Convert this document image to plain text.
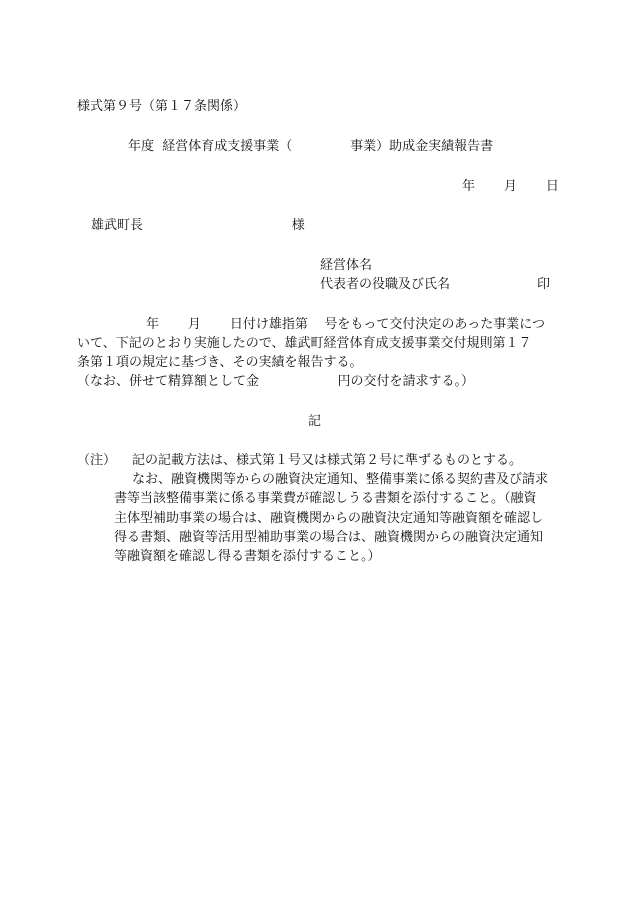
様式第９号（第１７条関係）
年度  経営体育成支援事業（              事業）助成金実績報告書
年       月       日
雄武町長                                    様
経営体名
代表者の役職及び氏名	印
年       月       日付け雄指第    号をもって交付決定のあった事業につ
いて、下記のとおり実施したので、雄武町経営体育成支援事業交付規則第１７
条第１項の規定に基づき、その実績を報告する。
（なお、併せて精算額として金                   円の交付を請求する。）
記
（注） 記の記載方法は、様式第１号又は様式第２号に準ずるものとする。
なお、融資機関等からの融資決定通知、整備事業に係る契約書及び請求
書等当該整備事業に係る事業費が確認しうる書類を添付すること。（融資
主体型補助事業の場合は、融資機関からの融資決定通知等融資額を確認し
得る書類、融資等活用型補助事業の場合は、融資機関からの融資決定通知
等融資額を確認し得る書類を添付すること。）
